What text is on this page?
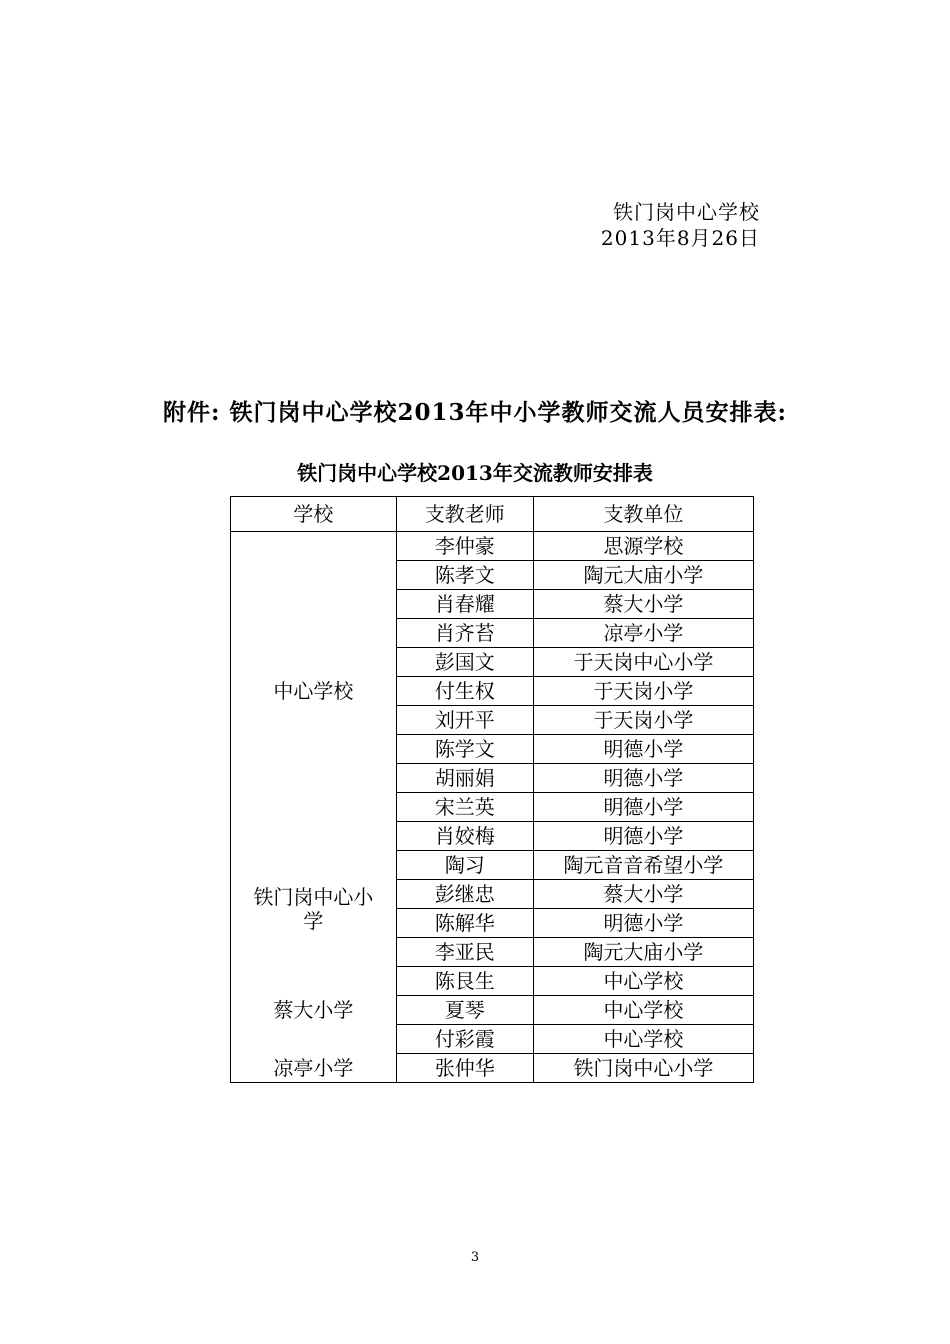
铁门岗中心学校
2013年8月26日
附件: 铁门岗中心学校2013年中小学教师交流人员安排表:
铁门岗中心学校2013年交流教师安排表
学校	支教老师	支教单位
中心学校	李仲豪	思源学校
	陈孝文	陶元大庙小学
	肖春耀	蔡大小学
	肖齐苔	凉亭小学
	彭国文	于天岗中心小学
	付生权	于天岗小学
	刘开平	于天岗小学
	陈学文	明德小学
	胡丽娟	明德小学
	宋兰英	明德小学
	肖姣梅	明德小学
铁门岗中心小学	陶习	陶元音音希望小学
	彭继忠	蔡大小学
	陈解华	明德小学
	李亚民	陶元大庙小学
蔡大小学	陈艮生	中心学校
	夏琴	中心学校
	付彩霞	中心学校
凉亭小学	张仲华	铁门岗中心小学
3
